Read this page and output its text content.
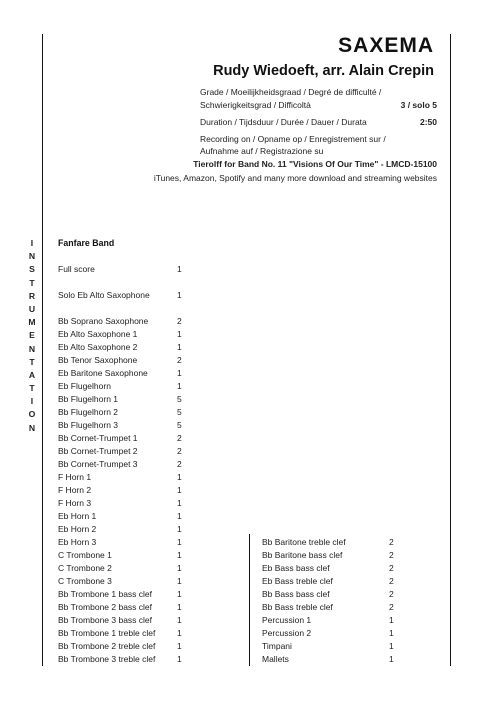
I
N
S
T
R
U
M
E
N
T
A
T
I
O
N
SAXEMA
Rudy Wiedoeft, arr. Alain Crepin
Grade / Moeilijkheidsgraad / Degré de difficulté /
Schwierigkeitsgrad / Difficoltà	3 / solo 5
Duration / Tijdsduur / Durée / Dauer / Durata	2:50
Recording on / Opname op / Enregistrement sur /
Aufnahme auf / Registrazione su
Tierolff for Band No. 11 "Visions Of Our Time" - LMCD-15100
iTunes, Amazon, Spotify and many more download and streaming websites
Fanfare Band
Full score	1
Solo Eb Alto Saxophone	1
Bb Soprano Saxophone	2
Eb Alto Saxophone 1	1
Eb Alto Saxophone 2	1
Bb Tenor Saxophone	2
Eb Baritone Saxophone	1
Eb Flugelhorn	1
Bb Flugelhorn 1	5
Bb Flugelhorn 2	5
Bb Flugelhorn 3	5
Bb Cornet-Trumpet 1	2
Bb Cornet-Trumpet 2	2
Bb Cornet-Trumpet 3	2
F Horn 1	1
F Horn 2	1
F Horn 3	1
Eb Horn 1	1
Eb Horn 2	1
Eb Horn 3	1
C Trombone 1	1
C Trombone 2	1
C Trombone 3	1
Bb Trombone 1 bass clef	1
Bb Trombone 2 bass clef	1
Bb Trombone 3 bass clef	1
Bb Trombone 1 treble clef	1
Bb Trombone 2 treble clef	1
Bb Trombone 3 treble clef	1
Bb Baritone treble clef	2
Bb Baritone bass clef	2
Eb Bass bass clef	2
Eb Bass treble clef	2
Bb Bass bass clef	2
Bb Bass treble clef	2
Percussion 1	1
Percussion 2	1
Timpani	1
Mallets	1
